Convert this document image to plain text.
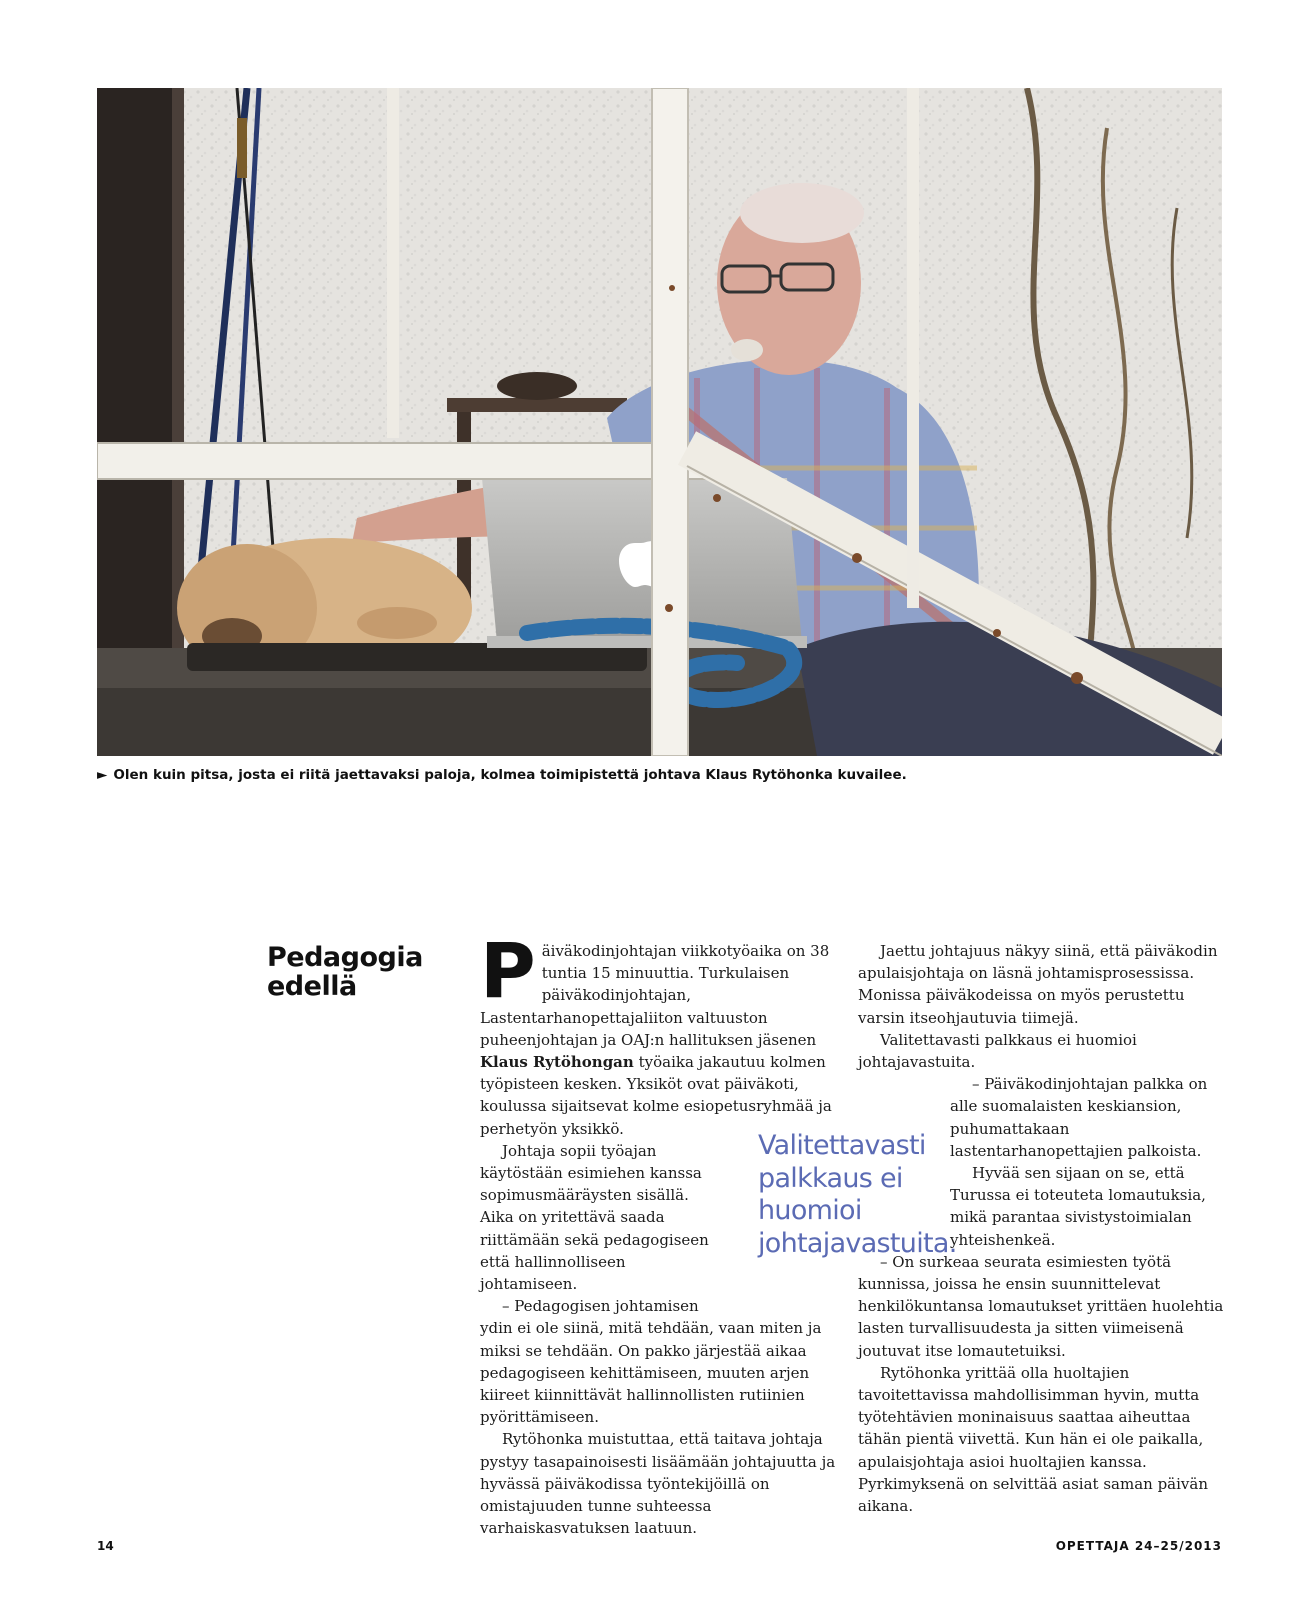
► Olen kuin pitsa, josta ei riitä jaettavaksi paloja, kolmea toimipistettä johtava Klaus Rytöhonka kuvailee.
Pedagogia
edellä	Päiväkodinjohtajan viikkotyöaika on 38 tuntia 15 minuuttia. Turkulaisen päiväkodinjohtajan, Lastentarhanopettajaliiton valtuuston puheenjohtajan ja OAJ:n hallituksen jäsenen Klaus Rytöhongan työaika jakautuu kolmen työpisteen kesken. Yksiköt ovat päiväkoti, koulussa sijaitsevat kolme esiopetusryhmää ja perhetyön yksikkö.

Johtaja sopii työajan käytöstään esimiehen kanssa sopimusmääräysten sisällä. Aika on yritettävä saada riittämään sekä pedagogiseen että hallinnolliseen johtamiseen.

– Pedagogisen johtamisen ydin ei ole siinä, mitä tehdään, vaan miten ja miksi se tehdään. On pakko järjestää aikaa pedagogiseen kehittämiseen, muuten arjen kiireet kiinnittävät hallinnollisten rutiinien pyörittämiseen.

Rytöhonka muistuttaa, että taitava johtaja pystyy tasapainoisesti lisäämään johtajuutta ja hyvässä päiväkodissa työntekijöillä on omistajuuden tunne suhteessa varhaiskasvatuksen laatuun.

Jaettu johtajuus näkyy siinä, että päiväkodin apulaisjohtaja on läsnä johtamisprosessissa. Monissa päiväkodeissa on myös perustettu varsin itseohjautuvia tiimejä.

Valitettavasti palkkaus ei huomioi johtajavastuita.

– Päiväkodinjohtajan palkka on alle suomalaisten keskiansion, puhumattakaan lastentarhanopettajien palkoista.

Hyvää sen sijaan on se, että Turussa ei toteuteta lomautuksia, mikä parantaa sivistystoimialan yhteishenkeä.

– On surkeaa seurata esimiesten työtä kunnissa, joissa he ensin suunnittelevat henkilökuntansa lomautukset yrittäen huolehtia lasten turvallisuudesta ja sitten viimeisenä joutuvat itse lomautetuiksi.

Rytöhonka yrittää olla huoltajien tavoitettavissa mahdollisimman hyvin, mutta työtehtävien moninaisuus saattaa aiheuttaa tähän pientä viivettä. Kun hän ei ole paikalla, apulaisjohtaja asioi huoltajien kanssa. Pyrkimyksenä on selvittää asiat saman päivän aikana.

Valitettavasti palkkaus ei huomioi johtajavastuita.
14	OPETTAJA 24–25/2013
